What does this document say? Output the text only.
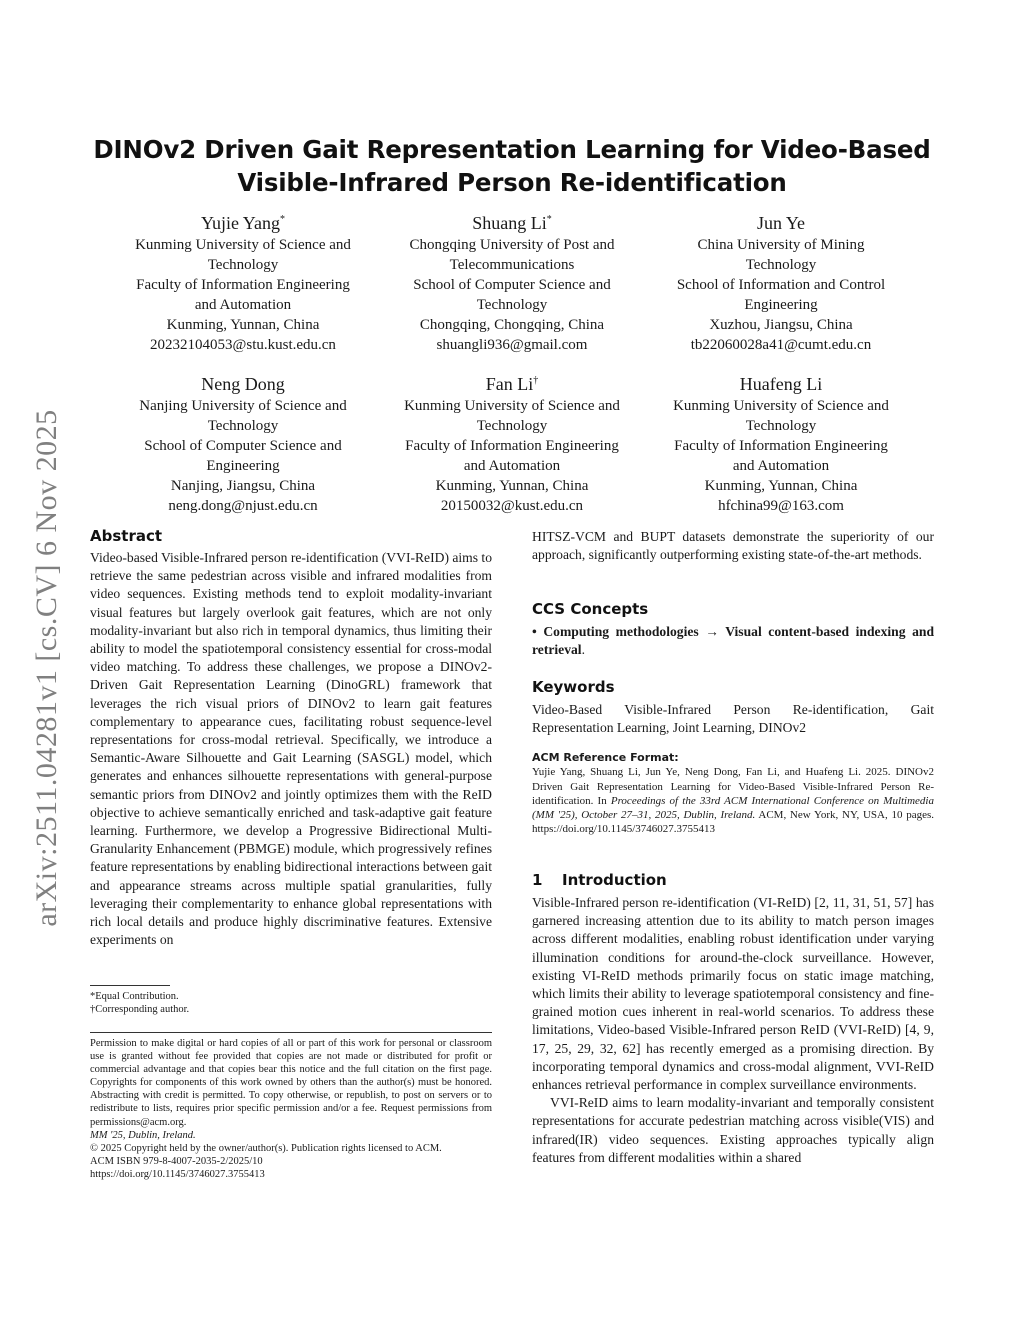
arXiv:2511.04281v1 [cs.CV] 6 Nov 2025
DINOv2 Driven Gait Representation Learning for Video-Based
Visible-Infrared Person Re-identification
Yujie Yang*
Kunming University of Science and
Technology
Faculty of Information Engineering
and Automation
Kunming, Yunnan, China
20232104053@stu.kust.edu.cn
Shuang Li*
Chongqing University of Post and
Telecommunications
School of Computer Science and
Technology
Chongqing, Chongqing, China
shuangli936@gmail.com
Jun Ye
China University of Mining
Technology
School of Information and Control
Engineering
Xuzhou, Jiangsu, China
tb22060028a41@cumt.edu.cn
Neng Dong
Nanjing University of Science and
Technology
School of Computer Science and
Engineering
Nanjing, Jiangsu, China
neng.dong@njust.edu.cn
Fan Li†
Kunming University of Science and
Technology
Faculty of Information Engineering
and Automation
Kunming, Yunnan, China
20150032@kust.edu.cn
Huafeng Li
Kunming University of Science and
Technology
Faculty of Information Engineering
and Automation
Kunming, Yunnan, China
hfchina99@163.com
Abstract
Video-based Visible-Infrared person re-identification (VVI-ReID) aims to retrieve the same pedestrian across visible and infrared modalities from video sequences. Existing methods tend to exploit modality-invariant visual features but largely overlook gait features, which are not only modality-invariant but also rich in temporal dynamics, thus limiting their ability to model the spatiotemporal consistency essential for cross-modal video matching. To address these challenges, we propose a DINOv2-Driven Gait Representation Learning (DinoGRL) framework that leverages the rich visual priors of DINOv2 to learn gait features complementary to appearance cues, facilitating robust sequence-level representations for cross-modal retrieval. Specifically, we introduce a Semantic-Aware Silhouette and Gait Learning (SASGL) model, which generates and enhances silhouette representations with general-purpose semantic priors from DINOv2 and jointly optimizes them with the ReID objective to achieve semantically enriched and task-adaptive gait feature learning. Furthermore, we develop a Progressive Bidirectional Multi-Granularity Enhancement (PBMGE) module, which progressively refines feature representations by enabling bidirectional interactions between gait and appearance streams across multiple spatial granularities, fully leveraging their complementarity to enhance global representations with rich local details and produce highly discriminative features. Extensive experiments on
*Equal Contribution.
†Corresponding author.
Permission to make digital or hard copies of all or part of this work for personal or classroom use is granted without fee provided that copies are not made or distributed for profit or commercial advantage and that copies bear this notice and the full citation on the first page. Copyrights for components of this work owned by others than the author(s) must be honored. Abstracting with credit is permitted. To copy otherwise, or republish, to post on servers or to redistribute to lists, requires prior specific permission and/or a fee. Request permissions from permissions@acm.org.
MM '25, Dublin, Ireland.
© 2025 Copyright held by the owner/author(s). Publication rights licensed to ACM.
ACM ISBN 979-8-4007-2035-2/2025/10
https://doi.org/10.1145/3746027.3755413
HITSZ-VCM and BUPT datasets demonstrate the superiority of our approach, significantly outperforming existing state-of-the-art methods.
CCS Concepts
• Computing methodologies → Visual content-based indexing and retrieval.
Keywords
Video-Based Visible-Infrared Person Re-identification, Gait Representation Learning, Joint Learning, DINOv2
ACM Reference Format:
Yujie Yang, Shuang Li, Jun Ye, Neng Dong, Fan Li, and Huafeng Li. 2025. DINOv2 Driven Gait Representation Learning for Video-Based Visible-Infrared Person Re-identification. In Proceedings of the 33rd ACM International Conference on Multimedia (MM '25), October 27–31, 2025, Dublin, Ireland. ACM, New York, NY, USA, 10 pages. https://doi.org/10.1145/3746027.3755413
1 Introduction

Visible-Infrared person re-identification (VI-ReID) [2, 11, 31, 51, 57] has garnered increasing attention due to its ability to match person images across different modalities, enabling robust identification under varying illumination conditions for around-the-clock surveillance. However, existing VI-ReID methods primarily focus on static image matching, which limits their ability to leverage spatiotemporal consistency and fine-grained motion cues inherent in real-world scenarios. To address these limitations, Video-based Visible-Infrared person ReID (VVI-ReID) [4, 9, 17, 25, 29, 32, 62] has recently emerged as a promising direction. By incorporating temporal dynamics and cross-modal alignment, VVI-ReID enhances retrieval performance in complex surveillance environments.

VVI-ReID aims to learn modality-invariant and temporally consistent representations for accurate pedestrian matching across visible(VIS) and infrared(IR) video sequences. Existing approaches typically align features from different modalities within a shared
